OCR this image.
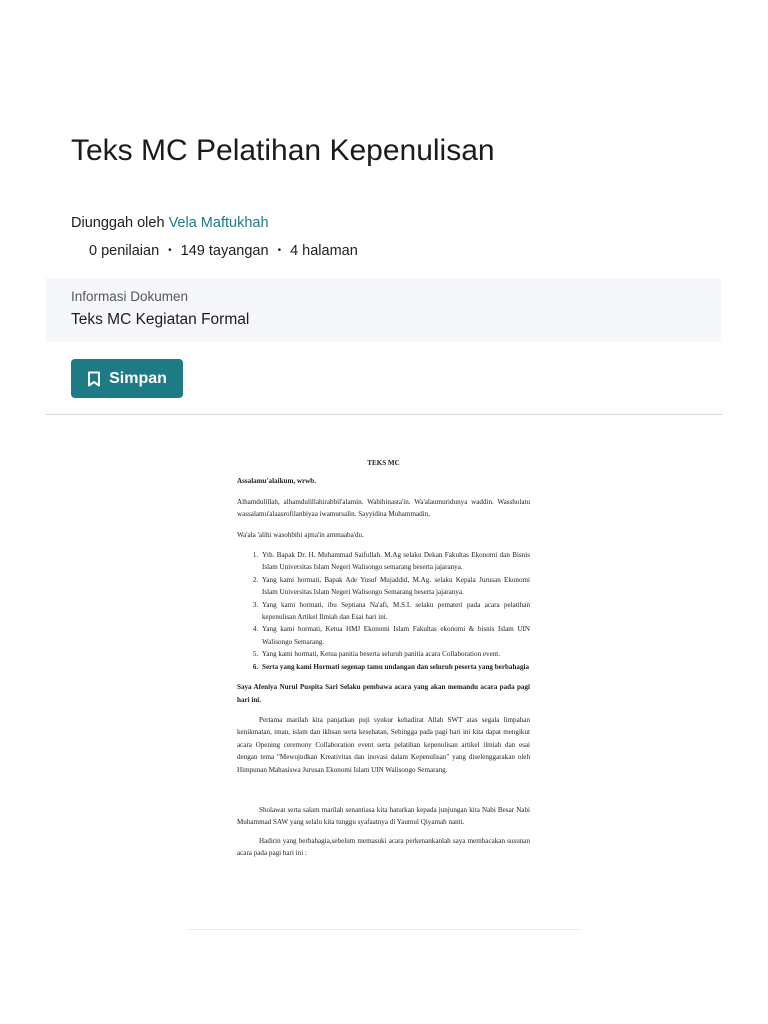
Teks MC Pelatihan Kepenulisan
Diunggah oleh Vela Maftukhah
0 penilaian • 149 tayangan • 4 halaman
Informasi Dokumen
Teks MC Kegiatan Formal
Simpan
TEKS MC

Assalamu'alaikum, wrwb.

Alhamdulillah, alhamdulillahirabbil'alamin. Wabihinasta'in. Wa'alaumuridunya waddin. Wassholatu wassalamu'alaasrofilanbiyaa iwamursalin. Sayyidina Muhammadin,

Wa'ala 'alihi wasohbihi ajma'in ammaaba'du.

1. Yth. Bapak Dr. H. Muhammad Saifullah. M.Ag selaku Dekan Fakultas Ekonomi dan Bisnis Islam Universitas Islam Negeri Walisongo semarang beserta jajaranya.
2. Yang kami hormati, Bapak Ade Yusuf Mujaddid, M.Ag. selaku Kepala Jurusan Ekonomi Islam Universitas Islam Negeri Walisongo Semarang beserta jajaranya.
3. Yang kami hormati, ibu Septiana Na'afi, M.S.I. selaku pemateri pada acara pelatihan kepenulisan Artikel Ilmiah dan Esai hari ini.
4. Yang kami hormati, Ketua HMJ Ekonomi Islam Fakultas ekonomi & bisnis Islam UIN Walisongo Semarang.
5. Yang kami hormati, Ketua panitia beserta seluruh panitia acara Collaboration event.
6. Serta yang kami Hormati segenap tamu undangan dan seluruh peserta yang berbahagia

Saya Afeniya Nurul Puspita Sari Selaku pembawa acara yang akan memandu acara pada pagi hari ini.

Pertama marilah kita panjatkan puji syukur kehadirat Allah SWT atas segala limpahan kenikmatan, iman, islam dan ikhsan serta kesehatan, Sehingga pada pagi hari ini kita dapat mengikut acara Opening ceremony Collaboration event serta pelatihan kepenulisan artikel ilmiah dan esai dengan tema "Mewujudkan Kreativitas dan inovasi dalam Kepenulisan" yang diselenggarakan oleh Himpunan Mahasiswa Jurusan Ekonomi Islam UIN Walisongo Semarang.

Sholawat serta salam marilah senantiasa kita haturkan kepada junjungan kita Nabi Besar Nabi Muhammad SAW yang selalu kita tunggu syafaatnya di Yaumul Qiyamah nanti.

Hadirin yang berbahagia,sebelum memasuki acara perkenankanlah saya membacakan susunan acara pada pagi hari ini :
